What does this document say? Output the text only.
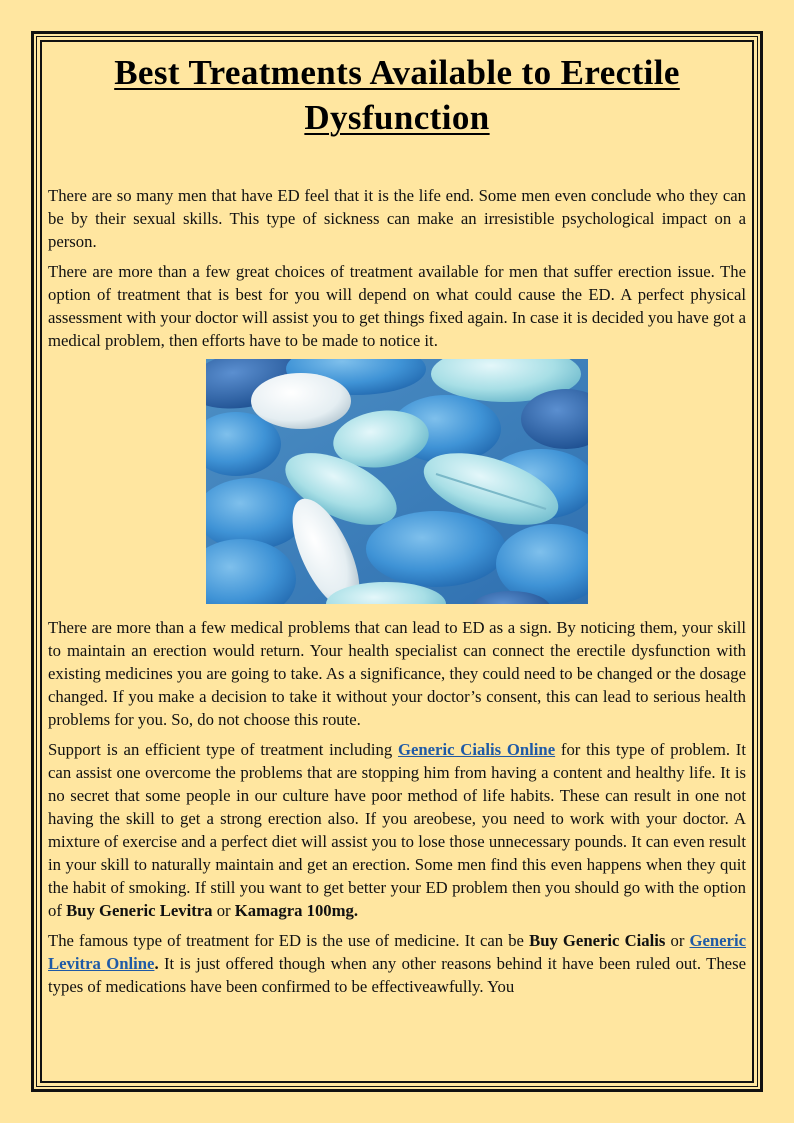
Best Treatments Available to Erectile Dysfunction

There are so many men that have ED feel that it is the life end. Some men even conclude who they can be by their sexual skills. This type of sickness can make an irresistible psychological impact on a person.

There are more than a few great choices of treatment available for men that suffer erection issue. The option of treatment that is best for you will depend on what could cause the ED. A perfect physical assessment with your doctor will assist you to get things fixed again. In case it is decided you have got a medical problem, then efforts have to be made to notice it.

There are more than a few medical problems that can lead to ED as a sign. By noticing them, your skill to maintain an erection would return. Your health specialist can connect the erectile dysfunction with existing medicines you are going to take. As a significance, they could need to be changed or the dosage changed. If you make a decision to take it without your doctor’s consent, this can lead to serious health problems for you. So, do not choose this route.

Support is an efficient type of treatment including Generic Cialis Online for this type of problem. It can assist one overcome the problems that are stopping him from having a content and healthy life. It is no secret that some people in our culture have poor method of life habits. These can result in one not having the skill to get a strong erection also. If you areobese, you need to work with your doctor. A mixture of exercise and a perfect diet will assist you to lose those unnecessary pounds. It can even result in your skill to naturally maintain and get an erection. Some men find this even happens when they quit the habit of smoking. If still you want to get better your ED problem then you should go with the option of Buy Generic Levitra or Kamagra 100mg.

The famous type of treatment for ED is the use of medicine. It can be Buy Generic Cialis or Generic Levitra Online. It is just offered though when any other reasons behind it have been ruled out. These types of medications have been confirmed to be effectiveawfully. You
